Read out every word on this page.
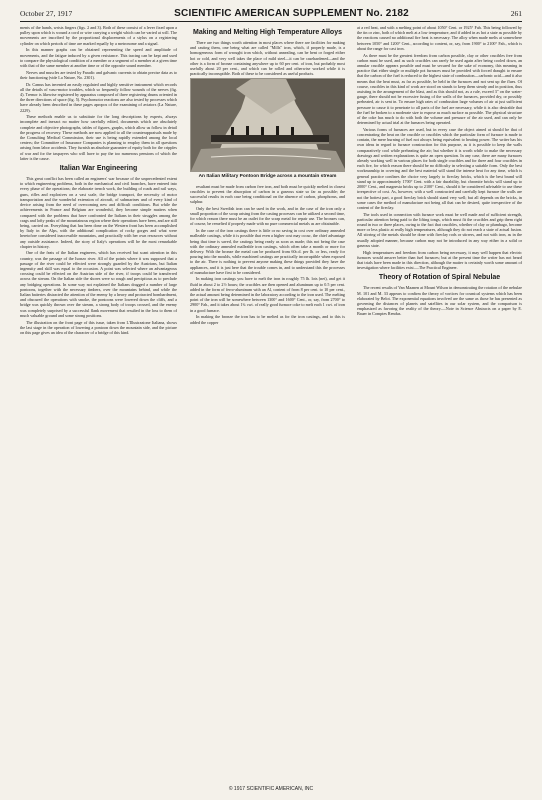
October 27, 1917	SCIENTIFIC AMERICAN SUPPLEMENT No. 2182	261

ments of the hands, wrists fingers (figs. 2 and 3). Both of these consist of a lever fixed upon a pulley upon which is wound a cord or wire carrying a weight which can be varied at will. The movements are inscribed by the proportional displacements of a stylus on a registering cylinder on which periods of time are marked equally by a metronome and a signal.

In this manner graphs can be obtained representing the speed and amplitude of movements, and the fatigue induced by a given resistance. This tracing can be kept and used to compare the physiological condition of a member or a segment of a member at a given time with that of the same member at another time or of the opposite sound member.

Nerves and muscles are tested by Faradic and galvanic currents to obtain precise data as to their functioning (vide La Nature, No. 2301).

Dr. Camus has invented an easily regulated and highly sensitive instrument which records all the details of vaso-motor troubles, which so frequently follow wounds of the nerves (fig. 4). Tremor is likewise registered by apparatus composed of three registering drums oriented in the three directions of space (fig. 5). Psychomotor reactions are also tested by processes which have already been described in these pages apropos of the examining of aviators (La Nature, 2229).

These methods enable us to substitute for the long descriptions by experts, always incomplete and inexact no matter how carefully edited, documents which are absolutely complete and objective photographs, tables of figures, graphs, which allow us follow in detail the progress of recovery. These methods are now applied to all the counterappraisals made by the Consulting Medical Commission, their use is being rapidly extended among the local centers; the Committee of Insurance Companies is planning to employ them in all questions arising from labor accidents. They furnish an absolute guarantee of equity both for the cripples of war and for the taxpayers who will have to pay the too numerous pensions of which the latter is the cause.

Italian War Engineering

This great conflict has been called an engineers' war because of the unprecedented extent to which engineering problems, both in the mechanical and civil branches, have entered into every phase of the operations; the elaborate trench work, the building of roads and rail ways, guns, rifles and explosives on a vast scale, the bridge transport, the necessity of motor transportation and the wonderful extension of aircraft, of submarines and of every kind of device arising from the need of overcoming new and difficult conditions. But while the achievements in France and Belgium are wonderful, they become simple matters when compared with the problems that have confronted the Italians in their struggles among the crags and lofty peaks of the mountainous region where their operations have been, and are still being, carried on. Everything that has been done on the Western front has been accomplished by Italy in the Alps, with the additional complication of rocky gorges and what were heretofore considered inaccessible mountains, and practically with her own resources without any outside assistance. Indeed, the story of Italy's operations will be the most remarkable chapter in history.

One of the feats of the Italian engineers, which has received but scant attention in this country, was the passage of the Isonzo river. All of the points where it was supposed that a passage of the river could be effected were strongly guarded by the Austrians, but Italian ingenuity and skill was equal to the occasion. A point was selected where an advantageous crossing could be effected on the Austrian side of the river, if troops could be transferred across the stream. On the Italian side the shores were so rough and precipitous as to preclude any bridging operations. In some way not explained the Italians dragged a number of large pontoons, together with the necessary timbers, over the mountains behind, and while the Italian batteries distracted the attention of the enemy by a heavy and protracted bombardment, and obscured the operations with smoke, the pontoons were lowered down the cliffs, and a bridge was quickly thrown over the stream, a strong body of troops crossed, and the enemy was completely surprised by a successful flank movement that resulted in the loss to them of much valuable ground and some strong positions.

The illustration on the front page of this issue, taken from L'Illustrazione Italiana, shows the last stage in the operation of lowering a pontoon down the mountain side, and the picture on this page gives an idea of the character of a bridge of this kind.

Making and Melting High Temperature Alloys

There are two things worth attention in most places where there are facilities for making and casting them, one being what are called "Mills" iron, which, if properly made, is a homogeneous form of wrought iron which, without annealing, can be bent or forged either hot or cold, and very well takes the place of mild steel—it can be casehardened—and the other is a form of bronze containing anywhere up to 60 per cent. of iron, but probably most usefully about 20 per cent., and which can be rolled and otherwise worked while it is practically incorruptible. Both of these to be considered as useful products.

An Italian Military Pontoon Bridge across a mountain stream

resultant must be made from carbon free iron, and both must be quickly melted in closest crucibles to prevent the absorption of carbon in a gaseous state so far as possible; the successful results in each case being conditional on the absence of carbon, phosphorus, and sulphur.

Only the best Swedish iron can be used in the work, and in the case of the iron only a small proportion of the scrap arising from the casting processes can be utilized a second time, for which reason there must be an outlet for the scrap metal for repair use. The bronzes can, of course, be remelted if properly made with no pure commercial metals as are obtainable.

In the case of the iron castings there is little or no saving in cost over ordinary annealed malleable castings, while it is possible that even a higher cost may occur, the chief advantage being that time is saved, the castings being ready as soon as made; this not being the case with the ordinary annealed malleable iron castings, which often take a month or more for delivery. With the bronze the metal can be produced from 60c.d. per lb. or less, ready for pouring into the moulds, while machined castings are practically incorruptible when exposed to the air. There is nothing to prevent anyone making these things provided they have the appliances, and it is just here that the trouble comes in, and to understand this the processes of manufacture have first to be considered.

In making iron castings you have to melt the iron in roughly 75 lb. lots (net), and get it fluid in about 2 to 2½ hours; the crucibles are then opened and aluminum up to 0.5 per cent. added in the form of ferro-aluminum with an Al, content of from 8 per cent. to 10 per cent., the actual amount being determined in the laboratory according to the iron used. The melting point of the iron will be somewhere between 1300° and 1600° Cent., or, say, from 2700° to 2900° Fah., and it takes about 1¾ cwt. of really good furnace coke to melt each 1 cwt. of iron in a good furnace.

In making the bronze the iron has to be melted as for the iron castings, and to this is added the copper

at a red heat, and with a melting point of about 1050° Cent. or 1925° Fah. This being followed by the tin or zinc, both of which melt at a low temperature, and if added in as hot a state as possible by the reactions caused no additional fire heat is necessary. The alloy when made melts at somewhere between 1050° and 1200° Cent., according to content, or, say, from 1900° to 2100° Fah., which is about the range for cast iron.

As there must be the greatest freedom from carbon possible, clay or other crucibles free from carbon must be used, and as such crucibles can rarely be used again after being cooled down, an annular crucible appears possible and must be secured for the sake of economy, this meaning in practice that either single or multiple pot furnaces must be provided with forced draught to ensure that the carbon of the fuel is reduced to the highest state of combustion—carbonic acid—and it also means that the heat must, as far as possible, be held in the furnaces and not sent up the flues. Of course, crucibles in this kind of work are stood on stands to keep them steady and in position, thus assisting in the arrangement of the blast, and as this should not, as a rule, exceed 3" on the water-gauge, there should not be excessive fusing of the walls of the furnaces, provided dry, or possibly preheated, air is sent in. To ensure high rates of combustion large volumes of air at just sufficient pressure to cause it to penetrate to all parts of the fuel are necessary, while it is also desirable that the fuel be broken to a moderate size to expose as much surface as possible. The physical structure of the coke has much to do with both the volume and pressure of the air used, and can only be determined by actual trial at the furnaces being operated.

Various forms of furnaces are used, but in every case the object aimed at should be that of concentrating the heat on the crucible or crucibles which the particular form of furnace is made to contain, the mere burning of fuel not always being equivalent to heating power. The writer has his own ideas in regard to furnace construction for this purpose, as it is possible to keep the walls comparatively cool while preheating the air; but whether it is worth while to make the necessary drawings and written explanations is quite an open question. In any case, there are many furnaces already working well in various places for both single crucibles and for three and four crucibles in each fire, for which reason there should be no difficulty in selecting a suitable form. Only the best workmanship in covering and the best material will stand the intense heat for any time, which is general practice confines the choice very largely to fireclay bricks, which is the best brand will stand up to approximately 1700° Cent. with a fair durability, but chromite bricks will stand up to 2000° Cent., and magnesia bricks up to 2100° Cent., should it be considered advisable to use these irrespective of cost. As, however, with a well constructed and carefully kept furnace the walls are not the hottest part, a good fireclay brick should stand very well; but all depends on the bricks, in some cases the method of manufacture not being all that can be desired, quite irrespective of the content of the fireclay.

The tools used in connection with furnace work must be well made and of sufficient strength, particular attention being paid to the lifting tongs, which must fit the crucibles and grip them right round in two or three places, owing to the fact that crucibles, whether of clay or plumbago, become more or less plastic at really high temperatures, although they do not reach a state of actual fusion. All stirring of the metals should be done with fireclay rods or stirrers, and not with iron, as in the usually adopted manner, because carbon may not be introduced in any way either in a solid or gaseous state.

High temperatures and freedom from carbon being necessary, it may well happen that electric furnaces would answer better than fuel furnaces; but at the present time the writer has not heard that trials have been made in this direction, although the matter is certainly worth some amount of investigation where facilities exist.—The Practical Engineer.

Theory of Rotation of Spiral Nebulae

The recent results of Van Maanen at Mount Wilson in demonstrating the rotation of the nebulae M. 101 and M. 33 appears to confirm the theory of vortices for cosmical systems which has been elaborated by Belot. The exponential equations involved are the same as those he has presented as governing the distances of planets and satellites in our solar system, and the comparison is emphasized as favoring the reality of the theory.—Note in Science Abstracts on a paper by E. Bauer in Comptes Rendus.

© 1917 SCIENTIFIC AMERICAN, INC
